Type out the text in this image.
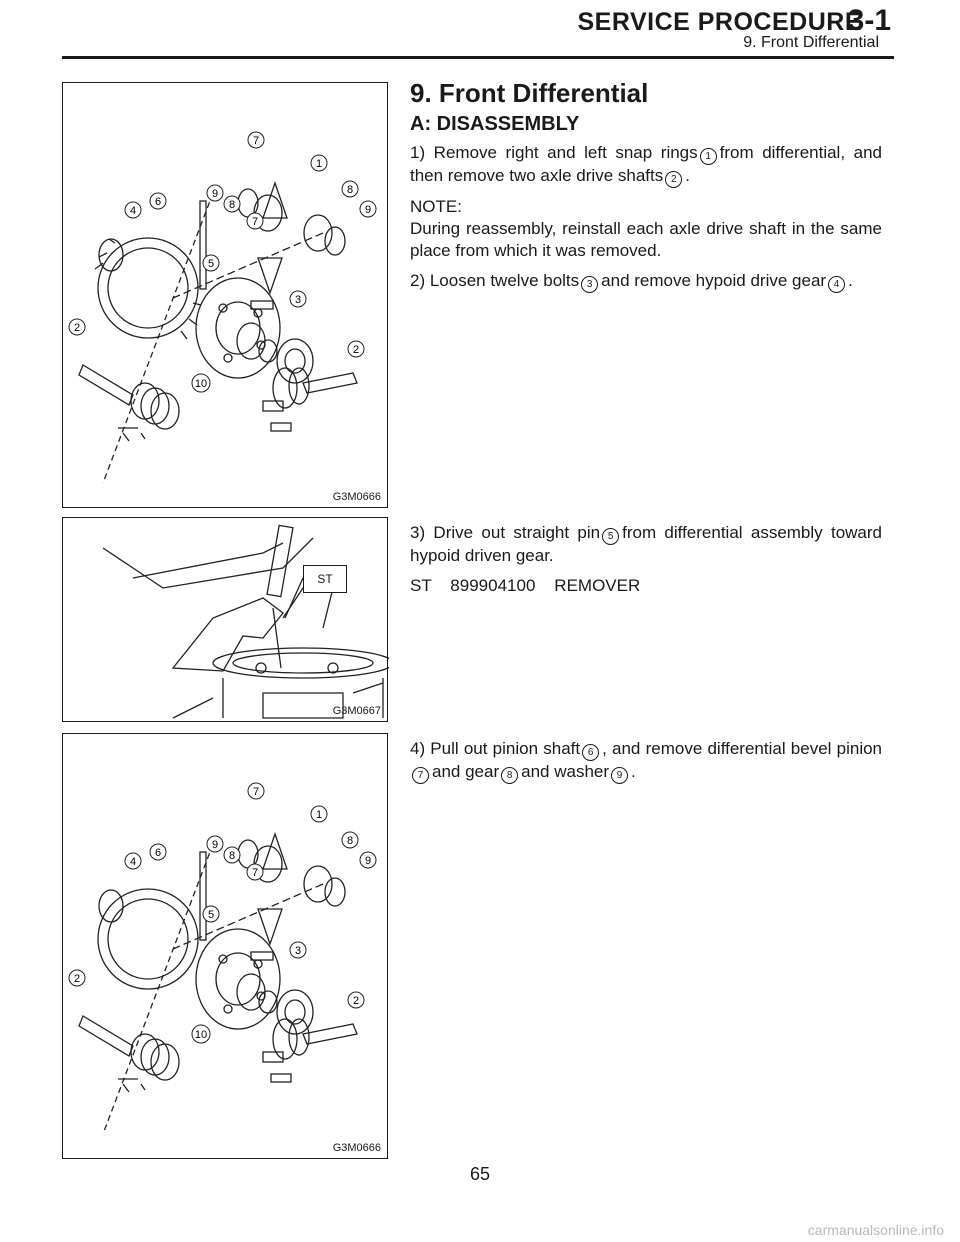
SERVICE PROCEDURE
3-1
9. Front Differential
7
1
9
8
8
9
4
6
7
5
3
2
2
10
G3M0666
ST
G3M0667
7
1
9
8
8
9
4
6
7
5
3
2
2
10
G3M0666
9. Front Differential
A: DISASSEMBLY

1) Remove right and left snap rings 1 from differential, and then remove two axle drive shafts 2 .

NOTE:
During reassembly, reinstall each axle drive shaft in the same place from which it was removed.

2) Loosen twelve bolts 3 and remove hypoid drive gear 4 .

3) Drive out straight pin 5 from differential assembly toward hypoid driven gear.

ST    899904100    REMOVER

4) Pull out pinion shaft 6 , and remove differential bevel pinion7 and gear 8 and washer 9 .

65
carmanualsonline.info
